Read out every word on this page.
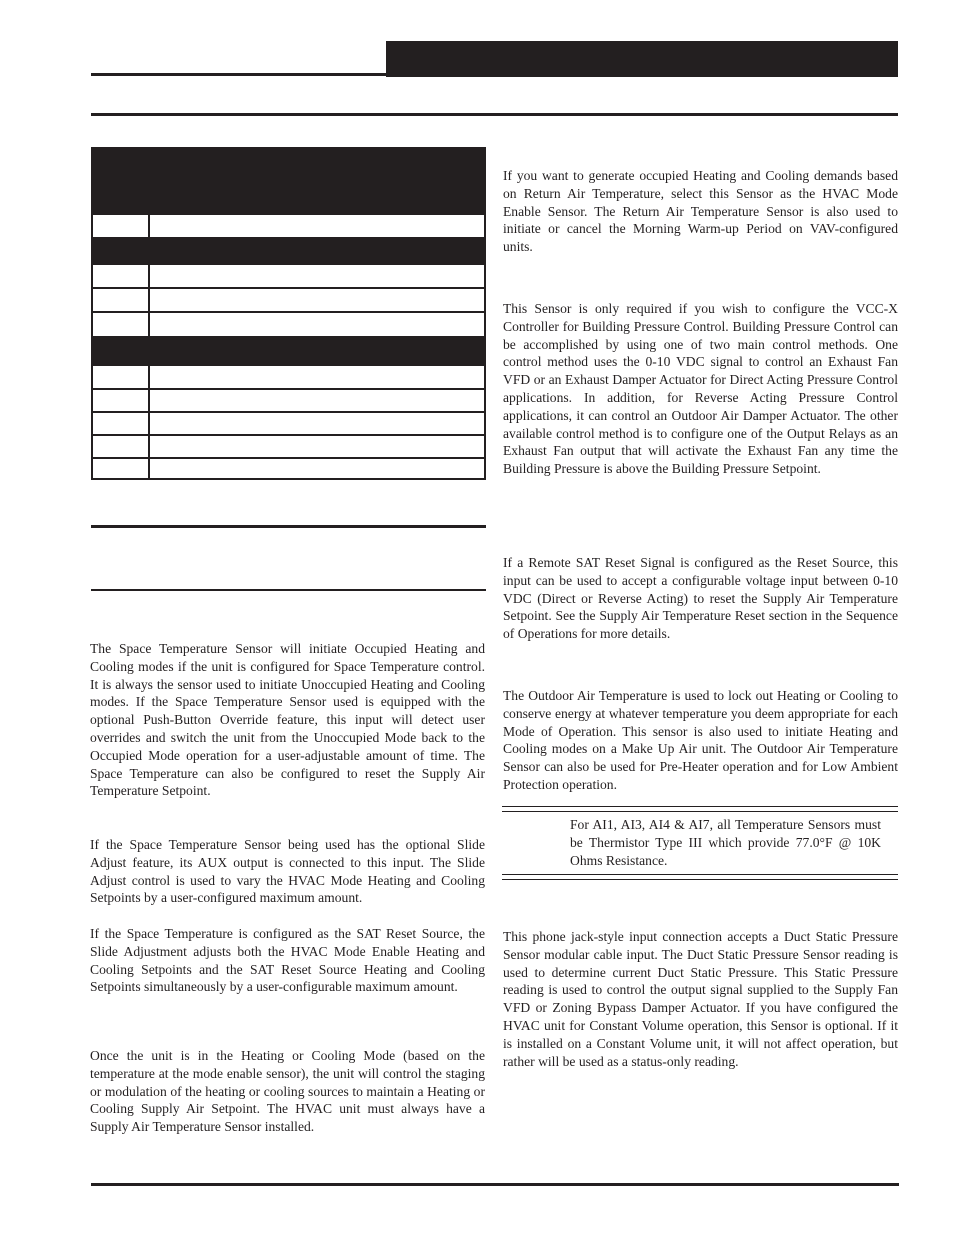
The Space Temperature Sensor will initiate Occupied Heating and Cooling modes if the unit is configured for Space Temperature control. It is always the sensor used to initiate Unoccupied Heating and Cooling modes. If the Space Temperature Sensor used is equipped with the optional Push-Button Override feature, this input will detect user overrides and switch the unit from the Unoccupied Mode back to the Occupied Mode operation for a user-adjustable amount of time. The Space Temperature can also be configured to reset the Supply Air Temperature Setpoint.

If the Space Temperature Sensor being used has the optional Slide Adjust feature, its AUX output is connected to this input. The Slide Adjust control is used to vary the HVAC Mode Heating and Cooling Setpoints by a user-configured maximum amount.

If the Space Temperature is configured as the SAT Reset Source, the Slide Adjustment adjusts both the HVAC Mode Enable Heating and Cooling Setpoints and the SAT Reset Source Heating and Cooling Setpoints simultaneously by a user-configurable maximum amount.

Once the unit is in the Heating or Cooling Mode (based on the temperature at the mode enable sensor), the unit will control the staging or modulation of the heating or cooling sources to maintain a Heating or Cooling Supply Air Setpoint. The HVAC unit must always have a Supply Air Temperature Sensor installed.

If you want to generate occupied Heating and Cooling demands based on Return Air Temperature, select this Sensor as the HVAC Mode Enable Sensor. The Return Air Temperature Sensor is also used to initiate or cancel the Morning Warm-up Period on VAV-configured units.

This Sensor is only required if you wish to configure the VCC-X Controller for Building Pressure Control. Building Pressure Control can be accomplished by using one of two main control methods. One control method uses the 0-10 VDC signal to control an Exhaust Fan VFD or an Exhaust Damper Actuator for Direct Acting Pressure Control applications. In addition, for Reverse Acting Pressure Control applications, it can control an Outdoor Air Damper Actuator. The other available control method is to configure one of the Output Relays as an Exhaust Fan output that will activate the Exhaust Fan any time the Building Pressure is above the Building Pressure Setpoint.

If a Remote SAT Reset Signal is configured as the Reset Source, this input can be used to accept a configurable voltage input between 0-10 VDC (Direct or Reverse Acting) to reset the Supply Air Temperature Setpoint. See the Supply Air Temperature Reset section in the Sequence of Operations for more details.

The Outdoor Air Temperature is used to lock out Heating or Cooling to conserve energy at whatever temperature you deem appropriate for each Mode of Operation. This sensor is also used to initiate Heating and Cooling modes on a Make Up Air unit. The Outdoor Air Temperature Sensor can also be used for Pre-Heater operation and for Low Ambient Protection operation.

For AI1, AI3, AI4 & AI7, all Temperature Sensors must be Thermistor Type III which provide 77.0°F @ 10K Ohms Resistance.

This phone jack-style input connection accepts a Duct Static Pressure Sensor modular cable input. The Duct Static Pressure Sensor reading is used to determine current Duct Static Pressure. This Static Pressure reading is used to control the output signal supplied to the Supply Fan VFD or Zoning Bypass Damper Actuator. If you have configured the HVAC unit for Constant Volume operation, this Sensor is optional. If it is installed on a Constant Volume unit, it will not affect operation, but rather will be used as a status-only reading.
